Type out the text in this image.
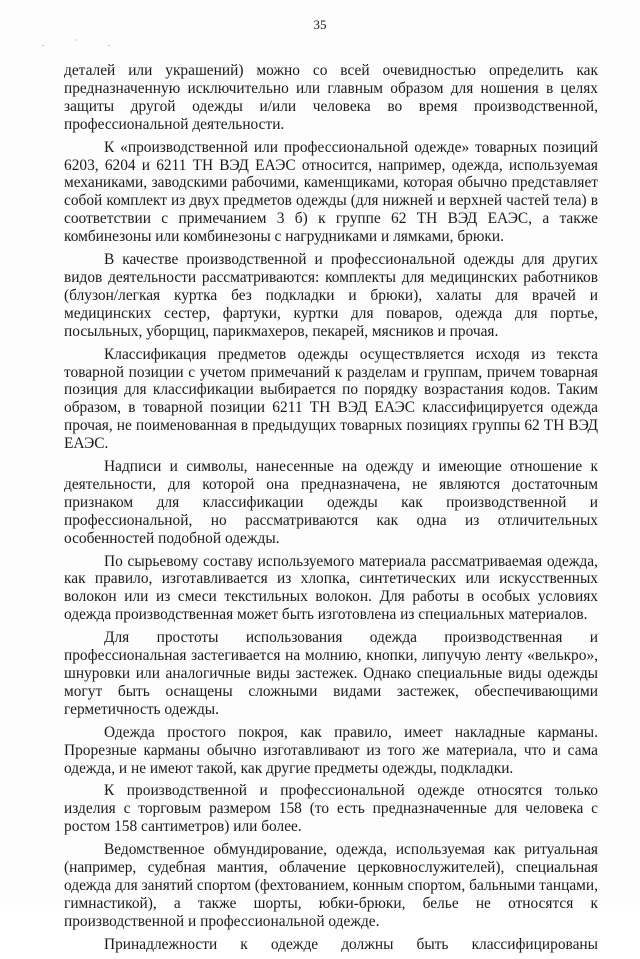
35
. ˙ .

деталей или украшений) можно со всей очевидностью определить как предназначенную исключительно или главным образом для ношения в целях защиты другой одежды и/или человека во время производственной, профессиональной деятельности.

К «производственной или профессиональной одежде» товарных позиций 6203, 6204 и 6211 ТН ВЭД ЕАЭС относится, например, одежда, используемая механиками, заводскими рабочими, каменщиками, которая обычно представляет собой комплект из двух предметов одежды (для нижней и верхней частей тела) в соответствии с примечанием 3 б) к группе 62 ТН ВЭД ЕАЭС, а также комбинезоны или комбинезоны с нагрудниками и лямками, брюки.

В качестве производственной и профессиональной одежды для других видов деятельности рассматриваются: комплекты для медицинских работников (блузон/легкая куртка без подкладки и брюки), халаты для врачей и медицинских сестер, фартуки, куртки для поваров, одежда для портье, посыльных, уборщиц, парикмахеров, пекарей, мясников и прочая.

Классификация предметов одежды осуществляется исходя из текста товарной позиции с учетом примечаний к разделам и группам, причем товарная позиция для классификации выбирается по порядку возрастания кодов. Таким образом, в товарной позиции 6211 ТН ВЭД ЕАЭС классифицируется одежда прочая, не поименованная в предыдущих товарных позициях группы 62 ТН ВЭД ЕАЭС.

Надписи и символы, нанесенные на одежду и имеющие отношение к деятельности, для которой она предназначена, не являются достаточным признаком для классификации одежды как производственной и профессиональной, но рассматриваются как одна из отличительных особенностей подобной одежды.

По сырьевому составу используемого материала рассматриваемая одежда, как правило, изготавливается из хлопка, синтетических или искусственных волокон или из смеси текстильных волокон. Для работы в особых условиях одежда производственная может быть изготовлена из специальных материалов.

Для простоты использования одежда производственная и профессиональная застегивается на молнию, кнопки, липучую ленту «велькро», шнуровки или аналогичные виды застежек. Однако специальные виды одежды могут быть оснащены сложными видами застежек, обеспечивающими герметичность одежды.

Одежда простого покроя, как правило, имеет накладные карманы. Прорезные карманы обычно изготавливают из того же материала, что и сама одежда, и не имеют такой, как другие предметы одежды, подкладки.

К производственной и профессиональной одежде относятся только изделия с торговым размером 158 (то есть предназначенные для человека с ростом 158 сантиметров) или более.

Ведомственное обмундирование, одежда, используемая как ритуальная (например, судебная мантия, облачение церковнослужителей), специальная одежда для занятий спортом (фехтованием, конным спортом, бальными танцами, гимнастикой), а также шорты, юбки-брюки, белье не относятся к производственной и профессиональной одежде.

Принадлежности к одежде должны быть классифицированы
